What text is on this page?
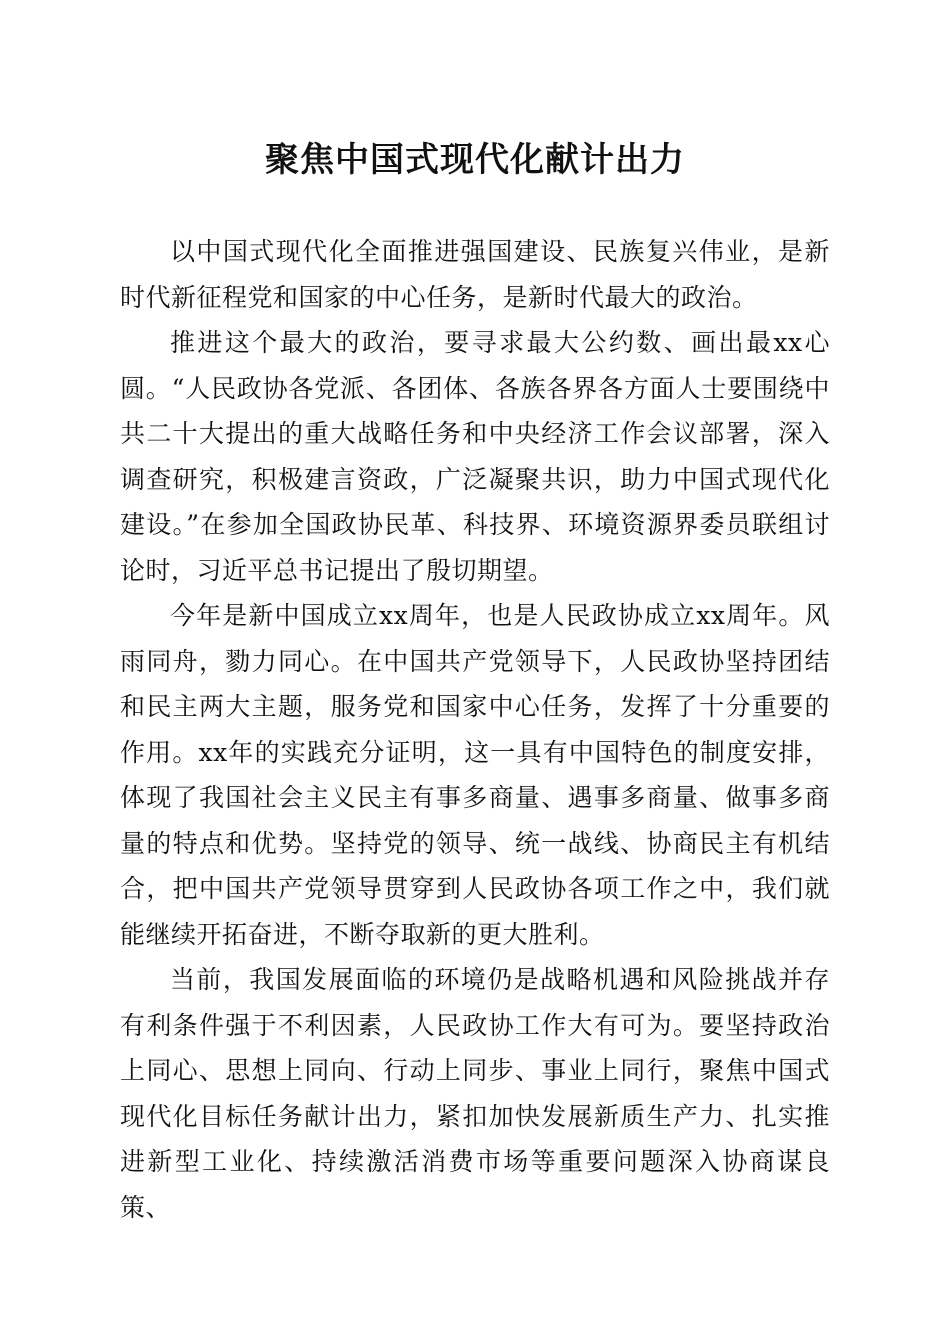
聚焦中国式现代化献计出力

以中国式现代化全面推进强国建设、民族复兴伟业，是新时代新征程党和国家的中心任务，是新时代最大的政治。

推进这个最大的政治，要寻求最大公约数、画出最xx心圆。“人民政协各党派、各团体、各族各界各方面人士要围绕中共二十大提出的重大战略任务和中央经济工作会议部署，深入调查研究，积极建言资政，广泛凝聚共识，助力中国式现代化建设。”在参加全国政协民革、科技界、环境资源界委员联组讨论时，习近平总书记提出了殷切期望。

今年是新中国成立xx周年，也是人民政协成立xx周年。风雨同舟，勠力同心。在中国共产党领导下，人民政协坚持团结和民主两大主题，服务党和国家中心任务，发挥了十分重要的作用。xx年的实践充分证明，这一具有中国特色的制度安排，体现了我国社会主义民主有事多商量、遇事多商量、做事多商量的特点和优势。坚持党的领导、统一战线、协商民主有机结合，把中国共产党领导贯穿到人民政协各项工作之中，我们就能继续开拓奋进，不断夺取新的更大胜利。

当前，我国发展面临的环境仍是战略机遇和风险挑战并存有利条件强于不利因素，人民政协工作大有可为。要坚持政治上同心、思想上同向、行动上同步、事业上同行，聚焦中国式现代化目标任务献计出力，紧扣加快发展新质生产力、扎实推进新型工业化、持续激活消费市场等重要问题深入协商谋良策、
